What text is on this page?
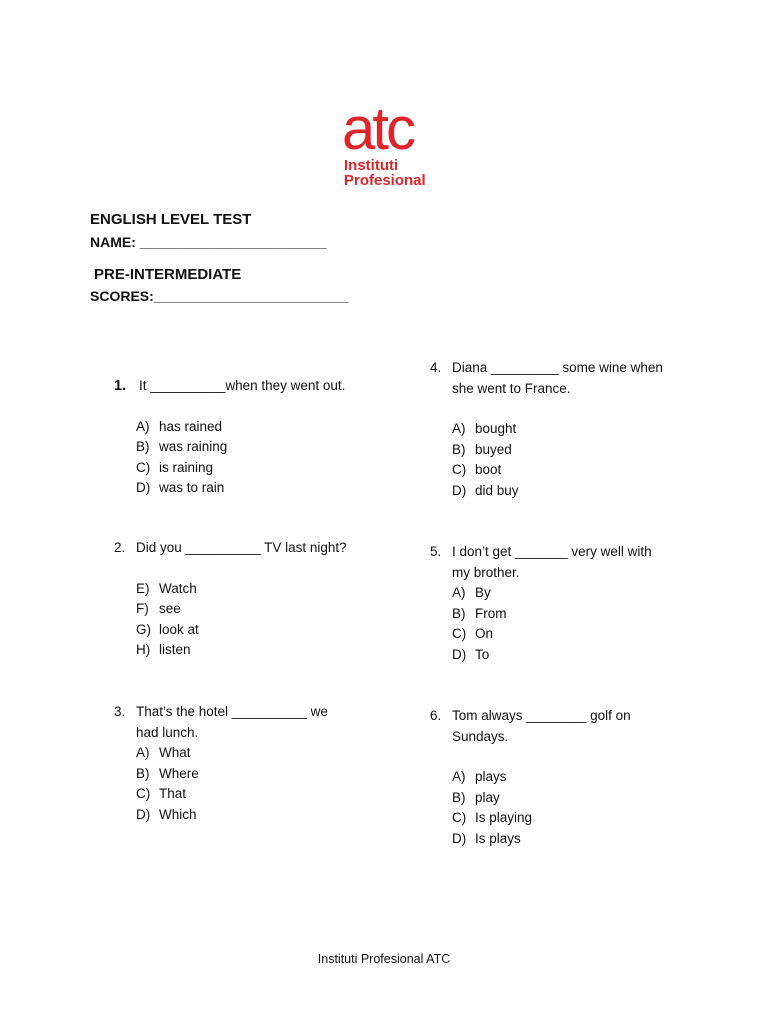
atc
Instituti
Profesional
ENGLISH LEVEL TEST
NAME: ________________________
PRE-INTERMEDIATE
SCORES:_________________________
1. It __________when they went out.
A) has rained
B) was raining
C) is raining
D) was to rain
2. Did you __________ TV last night?
E) Watch
F) see
G) look at
H) listen
3. That’s the hotel __________ we had lunch.
A) What
B) Where
C) That
D) Which
4. Diana _________ some wine when she went to France.
A) bought
B) buyed
C) boot
D) did buy
5. I don’t get _______ very well with my brother.
A) By
B) From
C) On
D) To
6. Tom always ________ golf on Sundays.
A) plays
B) play
C) Is playing
D) Is plays
Instituti Profesional ATC
